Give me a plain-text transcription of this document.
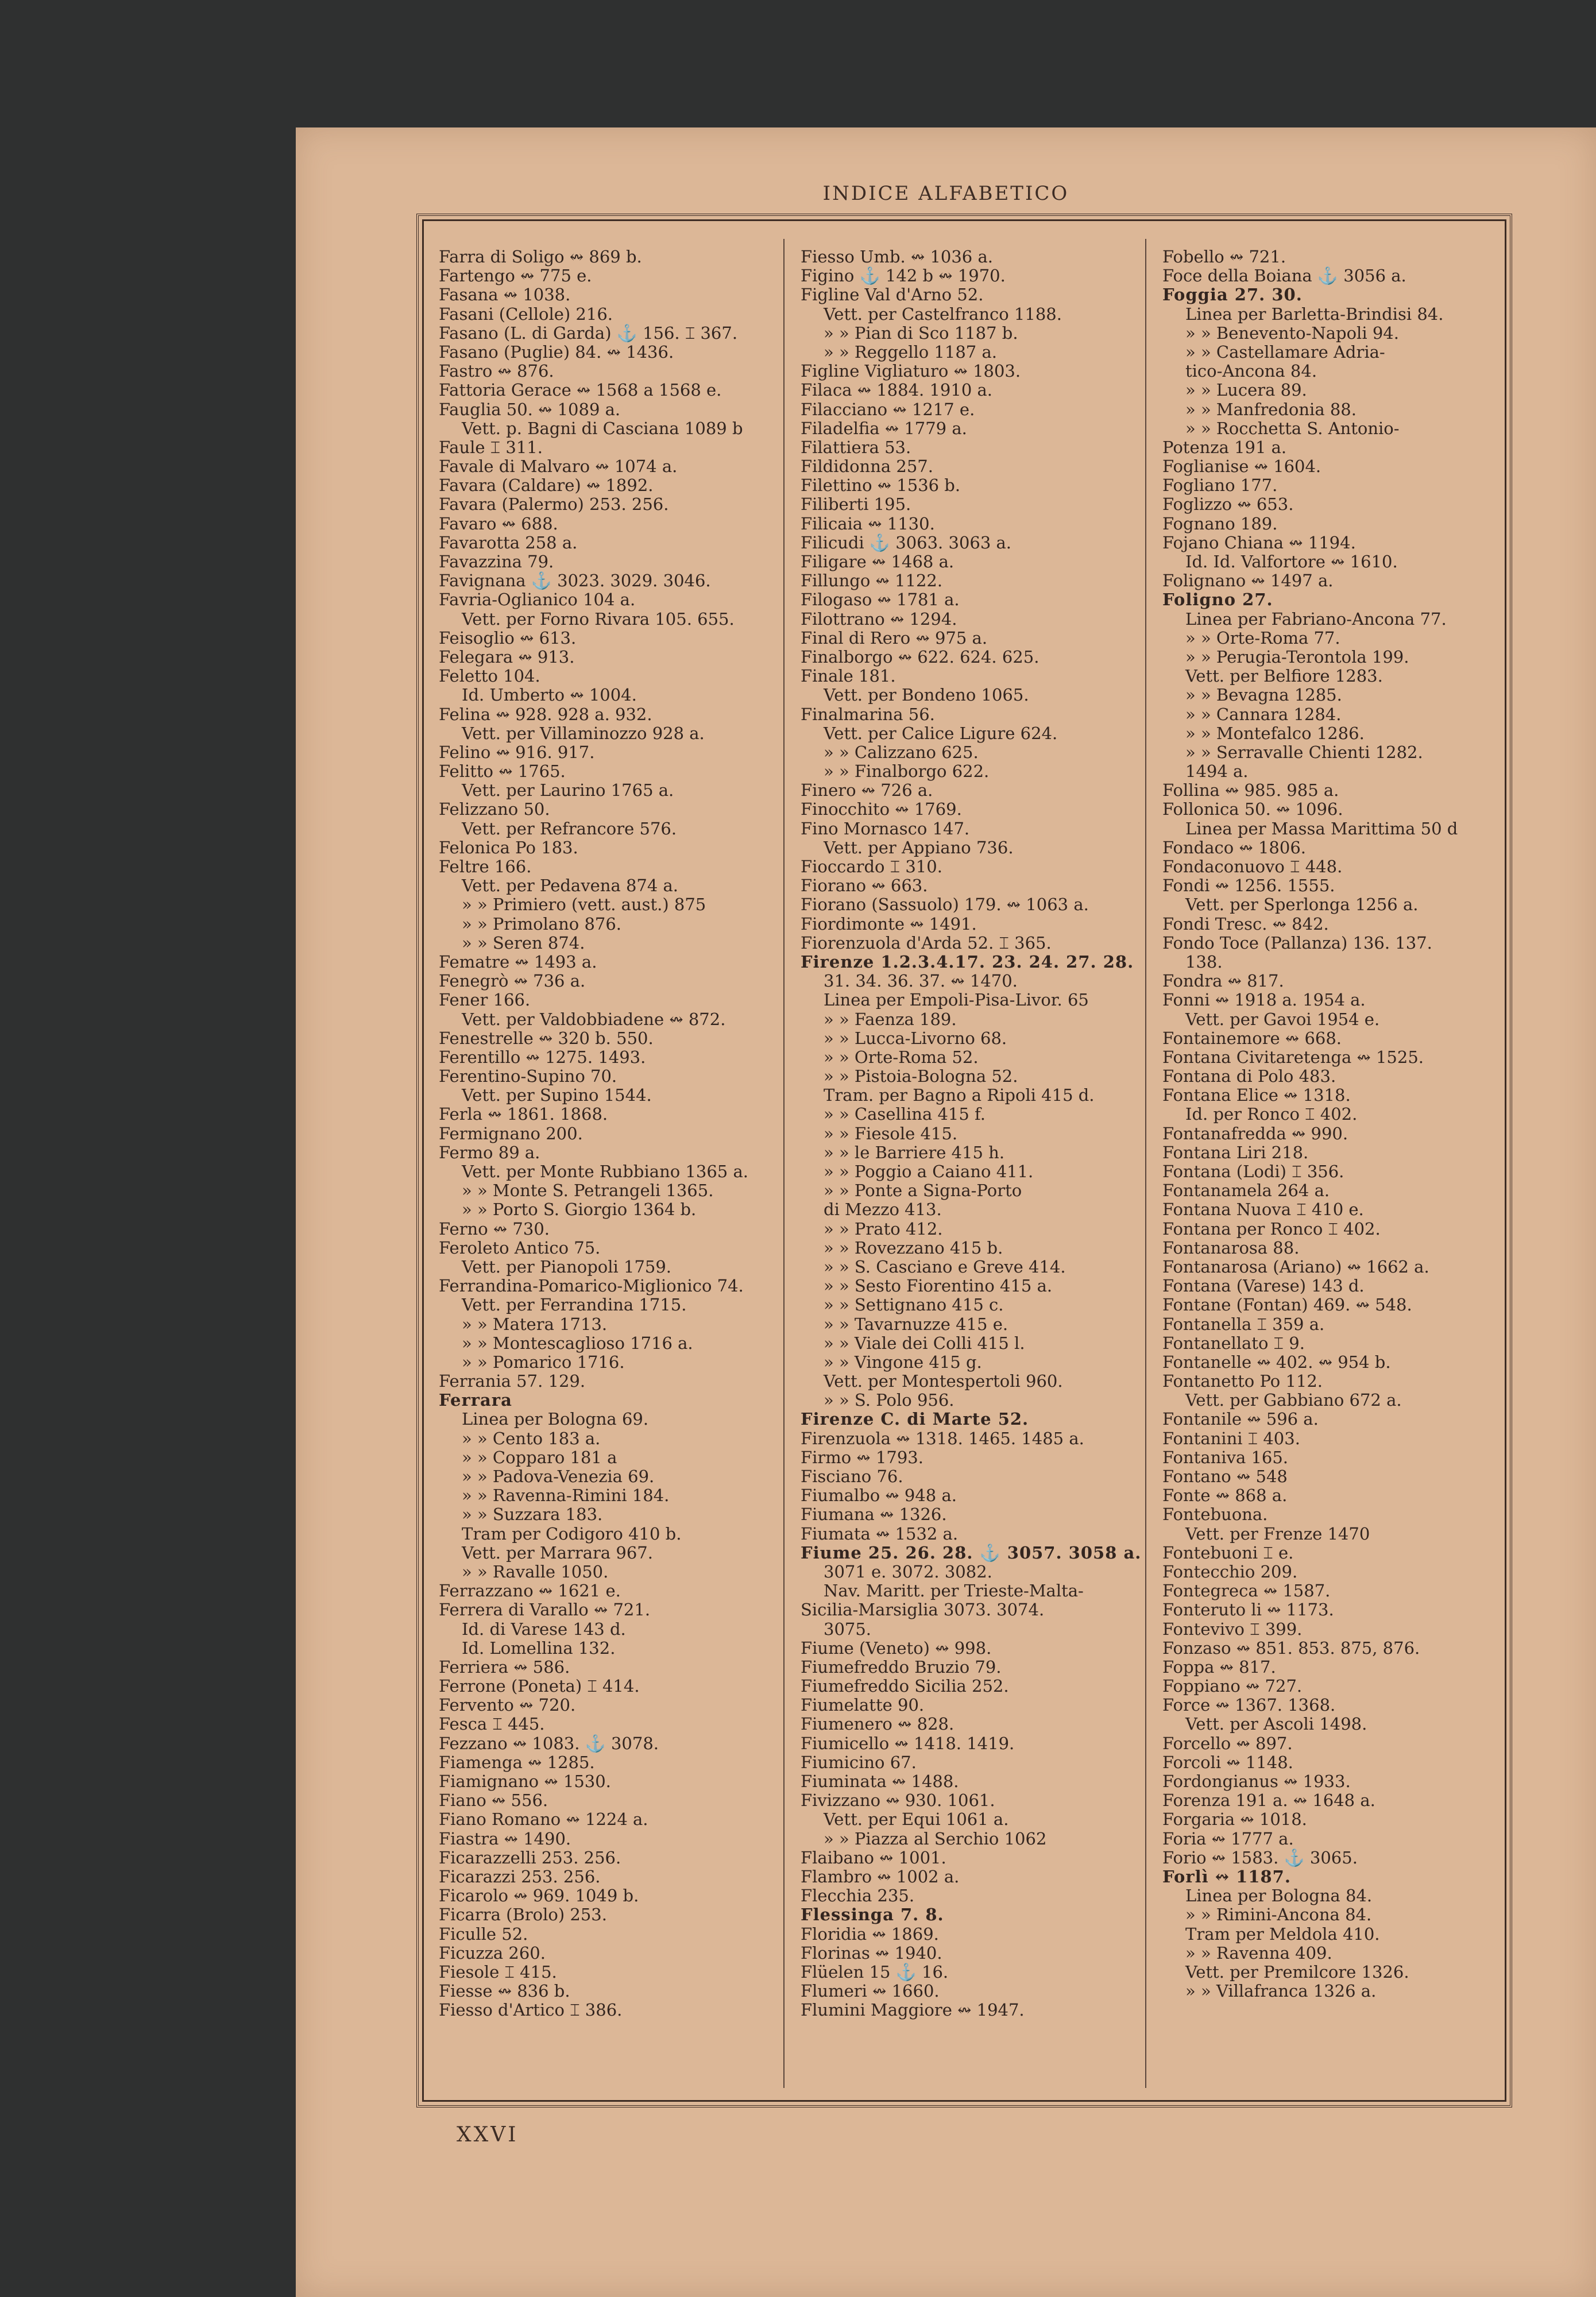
INDICE ALFABETICO
Farra di Soligo ↭ 869 b.
Fartengo ↭ 775 e.
Fasana ↭ 1038.
Fasani (Cellole) 216.
Fasano (L. di Garda) ⚓ 156. ⌶ 367.
Fasano (Puglie) 84. ↭ 1436.
Fastro ↭ 876.
Fattoria Gerace ↭ 1568 a 1568 e.
Fauglia 50. ↭ 1089 a.
Vett. p. Bagni di Casciana 1089 b
Faule ⌶ 311.
Favale di Malvaro ↭ 1074 a.
Favara (Caldare) ↭ 1892.
Favara (Palermo) 253. 256.
Favaro ↭ 688.
Favarotta 258 a.
Favazzina 79.
Favignana ⚓ 3023. 3029. 3046.
Favria-Oglianico 104 a.
Vett. per Forno Rivara 105. 655.
Feisoglio ↭ 613.
Felegara ↭ 913.
Feletto 104.
Id. Umberto ↭ 1004.
Felina ↭ 928. 928 a. 932.
Vett. per Villaminozzo 928 a.
Felino ↭ 916. 917.
Felitto ↭ 1765.
Vett. per Laurino 1765 a.
Felizzano 50.
Vett. per Refrancore 576.
Felonica Po 183.
Feltre 166.
Vett. per Pedavena 874 a.
» » Primiero (vett. aust.) 875
» » Primolano 876.
» » Seren 874.
Fematre ↭ 1493 a.
Fenegrò ↭ 736 a.
Fener 166.
Vett. per Valdobbiadene ↭ 872.
Fenestrelle ↭ 320 b. 550.
Ferentillo ↭ 1275. 1493.
Ferentino-Supino 70.
Vett. per Supino 1544.
Ferla ↭ 1861. 1868.
Fermignano 200.
Fermo 89 a.
Vett. per Monte Rubbiano 1365 a.
» » Monte S. Petrangeli 1365.
» » Porto S. Giorgio 1364 b.
Ferno ↭ 730.
Feroleto Antico 75.
Vett. per Pianopoli 1759.
Ferrandina-Pomarico-Miglionico 74.
Vett. per Ferrandina 1715.
» » Matera 1713.
» » Montescaglioso 1716 a.
» » Pomarico 1716.
Ferrania 57. 129.
Ferrara
Linea per Bologna 69.
» » Cento 183 a.
» » Copparo 181 a
» » Padova-Venezia 69.
» » Ravenna-Rimini 184.
» » Suzzara 183.
Tram per Codigoro 410 b.
Vett. per Marrara 967.
» » Ravalle 1050.
Ferrazzano ↭ 1621 e.
Ferrera di Varallo ↭ 721.
Id. di Varese 143 d.
Id. Lomellina 132.
Ferriera ↭ 586.
Ferrone (Poneta) ⌶ 414.
Fervento ↭ 720.
Fesca ⌶ 445.
Fezzano ↭ 1083. ⚓ 3078.
Fiamenga ↭ 1285.
Fiamignano ↭ 1530.
Fiano ↭ 556.
Fiano Romano ↭ 1224 a.
Fiastra ↭ 1490.
Ficarazzelli 253. 256.
Ficarazzi 253. 256.
Ficarolo ↭ 969. 1049 b.
Ficarra (Brolo) 253.
Ficulle 52.
Ficuzza 260.
Fiesole ⌶ 415.
Fiesse ↭ 836 b.
Fiesso d'Artico ⌶ 386.
Fiesso Umb. ↭ 1036 a.
Figino ⚓ 142 b ↭ 1970.
Figline Val d'Arno 52.
Vett. per Castelfranco 1188.
» » Pian di Sco 1187 b.
» » Reggello 1187 a.
Figline Vigliaturo ↭ 1803.
Filaca ↭ 1884. 1910 a.
Filacciano ↭ 1217 e.
Filadelfia ↭ 1779 a.
Filattiera 53.
Fildidonna 257.
Filettino ↭ 1536 b.
Filiberti 195.
Filicaia ↭ 1130.
Filicudi ⚓ 3063. 3063 a.
Filigare ↭ 1468 a.
Fillungo ↭ 1122.
Filogaso ↭ 1781 a.
Filottrano ↭ 1294.
Final di Rero ↭ 975 a.
Finalborgo ↭ 622. 624. 625.
Finale 181.
Vett. per Bondeno 1065.
Finalmarina 56.
Vett. per Calice Ligure 624.
» » Calizzano 625.
» » Finalborgo 622.
Finero ↭ 726 a.
Finocchito ↭ 1769.
Fino Mornasco 147.
Vett. per Appiano 736.
Fioccardo ⌶ 310.
Fiorano ↭ 663.
Fiorano (Sassuolo) 179. ↭ 1063 a.
Fiordimonte ↭ 1491.
Fiorenzuola d'Arda 52. ⌶ 365.
Firenze 1.2.3.4.17. 23. 24. 27. 28.
31. 34. 36. 37. ↭ 1470.
Linea per Empoli-Pisa-Livor. 65
» » Faenza 189.
» » Lucca-Livorno 68.
» » Orte-Roma 52.
» » Pistoia-Bologna 52.
Tram. per Bagno a Ripoli 415 d.
» » Casellina 415 f.
» » Fiesole 415.
» » le Barriere 415 h.
» » Poggio a Caiano 411.
» » Ponte a Signa-Porto
di Mezzo 413.
» » Prato 412.
» » Rovezzano 415 b.
» » S. Casciano e Greve 414.
» » Sesto Fiorentino 415 a.
» » Settignano 415 c.
» » Tavarnuzze 415 e.
» » Viale dei Colli 415 l.
» » Vingone 415 g.
Vett. per Montespertoli 960.
» » S. Polo 956.
Firenze C. di Marte 52.
Firenzuola ↭ 1318. 1465. 1485 a.
Firmo ↭ 1793.
Fisciano 76.
Fiumalbo ↭ 948 a.
Fiumana ↭ 1326.
Fiumata ↭ 1532 a.
Fiume 25. 26. 28. ⚓ 3057. 3058 a.
3071 e. 3072. 3082.
Nav. Maritt. per Trieste-Malta-
Sicilia-Marsiglia 3073. 3074.
3075.
Fiume (Veneto) ↭ 998.
Fiumefreddo Bruzio 79.
Fiumefreddo Sicilia 252.
Fiumelatte 90.
Fiumenero ↭ 828.
Fiumicello ↭ 1418. 1419.
Fiumicino 67.
Fiuminata ↭ 1488.
Fivizzano ↭ 930. 1061.
Vett. per Equi 1061 a.
» » Piazza al Serchio 1062
Flaibano ↭ 1001.
Flambro ↭ 1002 a.
Flecchia 235.
Flessinga 7. 8.
Floridia ↭ 1869.
Florinas ↭ 1940.
Flüelen 15 ⚓ 16.
Flumeri ↭ 1660.
Flumini Maggiore ↭ 1947.
Fobello ↭ 721.
Foce della Boiana ⚓ 3056 a.
Foggia 27. 30.
Linea per Barletta-Brindisi 84.
» » Benevento-Napoli 94.
» » Castellamare Adria-
tico-Ancona 84.
» » Lucera 89.
» » Manfredonia 88.
» » Rocchetta S. Antonio-
Potenza 191 a.
Foglianise ↭ 1604.
Fogliano 177.
Foglizzo ↭ 653.
Fognano 189.
Fojano Chiana ↭ 1194.
Id. Id. Valfortore ↭ 1610.
Folignano ↭ 1497 a.
Foligno 27.
Linea per Fabriano-Ancona 77.
» » Orte-Roma 77.
» » Perugia-Terontola 199.
Vett. per Belfiore 1283.
» » Bevagna 1285.
» » Cannara 1284.
» » Montefalco 1286.
» » Serravalle Chienti 1282.
1494 a.
Follina ↭ 985. 985 a.
Follonica 50. ↭ 1096.
Linea per Massa Marittima 50 d
Fondaco ↭ 1806.
Fondaconuovo ⌶ 448.
Fondi ↭ 1256. 1555.
Vett. per Sperlonga 1256 a.
Fondi Tresc. ↭ 842.
Fondo Toce (Pallanza) 136. 137.
138.
Fondra ↭ 817.
Fonni ↭ 1918 a. 1954 a.
Vett. per Gavoi 1954 e.
Fontainemore ↭ 668.
Fontana Civitaretenga ↭ 1525.
Fontana di Polo 483.
Fontana Elice ↭ 1318.
Id. per Ronco ⌶ 402.
Fontanafredda ↭ 990.
Fontana Liri 218.
Fontana (Lodi) ⌶ 356.
Fontanamela 264 a.
Fontana Nuova ⌶ 410 e.
Fontana per Ronco ⌶ 402.
Fontanarosa 88.
Fontanarosa (Ariano) ↭ 1662 a.
Fontana (Varese) 143 d.
Fontane (Fontan) 469. ↭ 548.
Fontanella ⌶ 359 a.
Fontanellato ⌶ 9.
Fontanelle ↭ 402. ↭ 954 b.
Fontanetto Po 112.
Vett. per Gabbiano 672 a.
Fontanile ↭ 596 a.
Fontanini ⌶ 403.
Fontaniva 165.
Fontano ↭ 548
Fonte ↭ 868 a.
Fontebuona.
Vett. per Frenze 1470
Fontebuoni ⌶ e.
Fontecchio 209.
Fontegreca ↭ 1587.
Fonteruto li ↭ 1173.
Fontevivo ⌶ 399.
Fonzaso ↭ 851. 853. 875, 876.
Foppa ↭ 817.
Foppiano ↭ 727.
Force ↭ 1367. 1368.
Vett. per Ascoli 1498.
Forcello ↭ 897.
Forcoli ↭ 1148.
Fordongianus ↭ 1933.
Forenza 191 a. ↭ 1648 a.
Forgaria ↭ 1018.
Foria ↭ 1777 a.
Forio ↭ 1583. ⚓ 3065.
Forlì ↭ 1187.
Linea per Bologna 84.
» » Rimini-Ancona 84.
Tram per Meldola 410.
» » Ravenna 409.
Vett. per Premilcore 1326.
» » Villafranca 1326 a.
XXVI
